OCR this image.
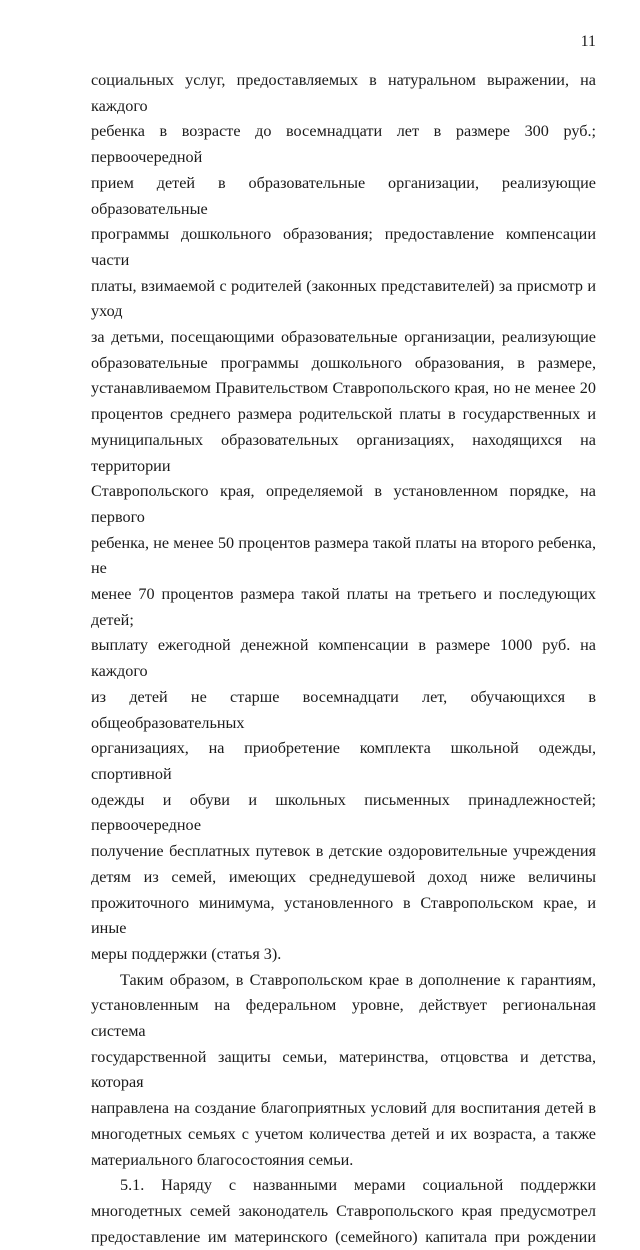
11
социальных услуг, предоставляемых в натуральном выражении, на каждого
ребенка в возрасте до восемнадцати лет в размере 300 руб.; первоочередной
прием детей в образовательные организации, реализующие образовательные
программы дошкольного образования; предоставление компенсации части
платы, взимаемой с родителей (законных представителей) за присмотр и уход
за детьми, посещающими образовательные организации, реализующие
образовательные программы дошкольного образования, в размере,
устанавливаемом Правительством Ставропольского края, но не менее 20
процентов среднего размера родительской платы в государственных и
муниципальных образовательных организациях, находящихся на территории
Ставропольского края, определяемой в установленном порядке, на первого
ребенка, не менее 50 процентов размера такой платы на второго ребенка, не
менее 70 процентов размера такой платы на третьего и последующих детей;
выплату ежегодной денежной компенсации в размере 1000 руб. на каждого
из детей не старше восемнадцати лет, обучающихся в общеобразовательных
организациях, на приобретение комплекта школьной одежды, спортивной
одежды и обуви и школьных письменных принадлежностей; первоочередное
получение бесплатных путевок в детские оздоровительные учреждения
детям из семей, имеющих среднедушевой доход ниже величины
прожиточного минимума, установленного в Ставропольском крае, и иные
меры поддержки (статья 3).
Таким образом, в Ставропольском крае в дополнение к гарантиям,
установленным на федеральном уровне, действует региональная система
государственной защиты семьи, материнства, отцовства и детства, которая
направлена на создание благоприятных условий для воспитания детей в
многодетных семьях с учетом количества детей и их возраста, а также
материального благосостояния семьи.
5.1. Наряду с названными мерами социальной поддержки
многодетных семей законодатель Ставропольского края предусмотрел
предоставление им материнского (семейного) капитала при рождении
